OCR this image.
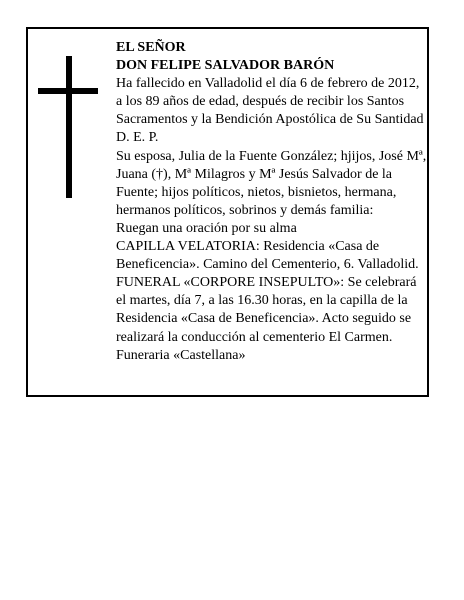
EL SEÑOR

DON FELIPE SALVADOR BARÓN

Ha fallecido en Valladolid el día 6 de febrero de 2012, a los 89 años de edad, después de recibir los Santos Sacramentos y la Bendición Apostólica de Su Santidad D. E. P.

Su esposa, Julia de la Fuente González; hjijos, José Mª, Juana (†), Mª Milagros y Mª Jesús Salvador de la Fuente; hijos políticos, nietos, bisnietos, hermana, hermanos políticos, sobrinos y demás familia:

Ruegan una oración por su alma

CAPILLA VELATORIA: Residencia «Casa de Beneficencia». Camino del Cementerio, 6. Valladolid.

FUNERAL «CORPORE INSEPULTO»: Se celebrará el martes, día 7, a las 16.30 horas, en la capilla de la Residencia «Casa de Beneficencia». Acto seguido se realizará la conducción al cementerio El Carmen.

Funeraria «Castellana»
